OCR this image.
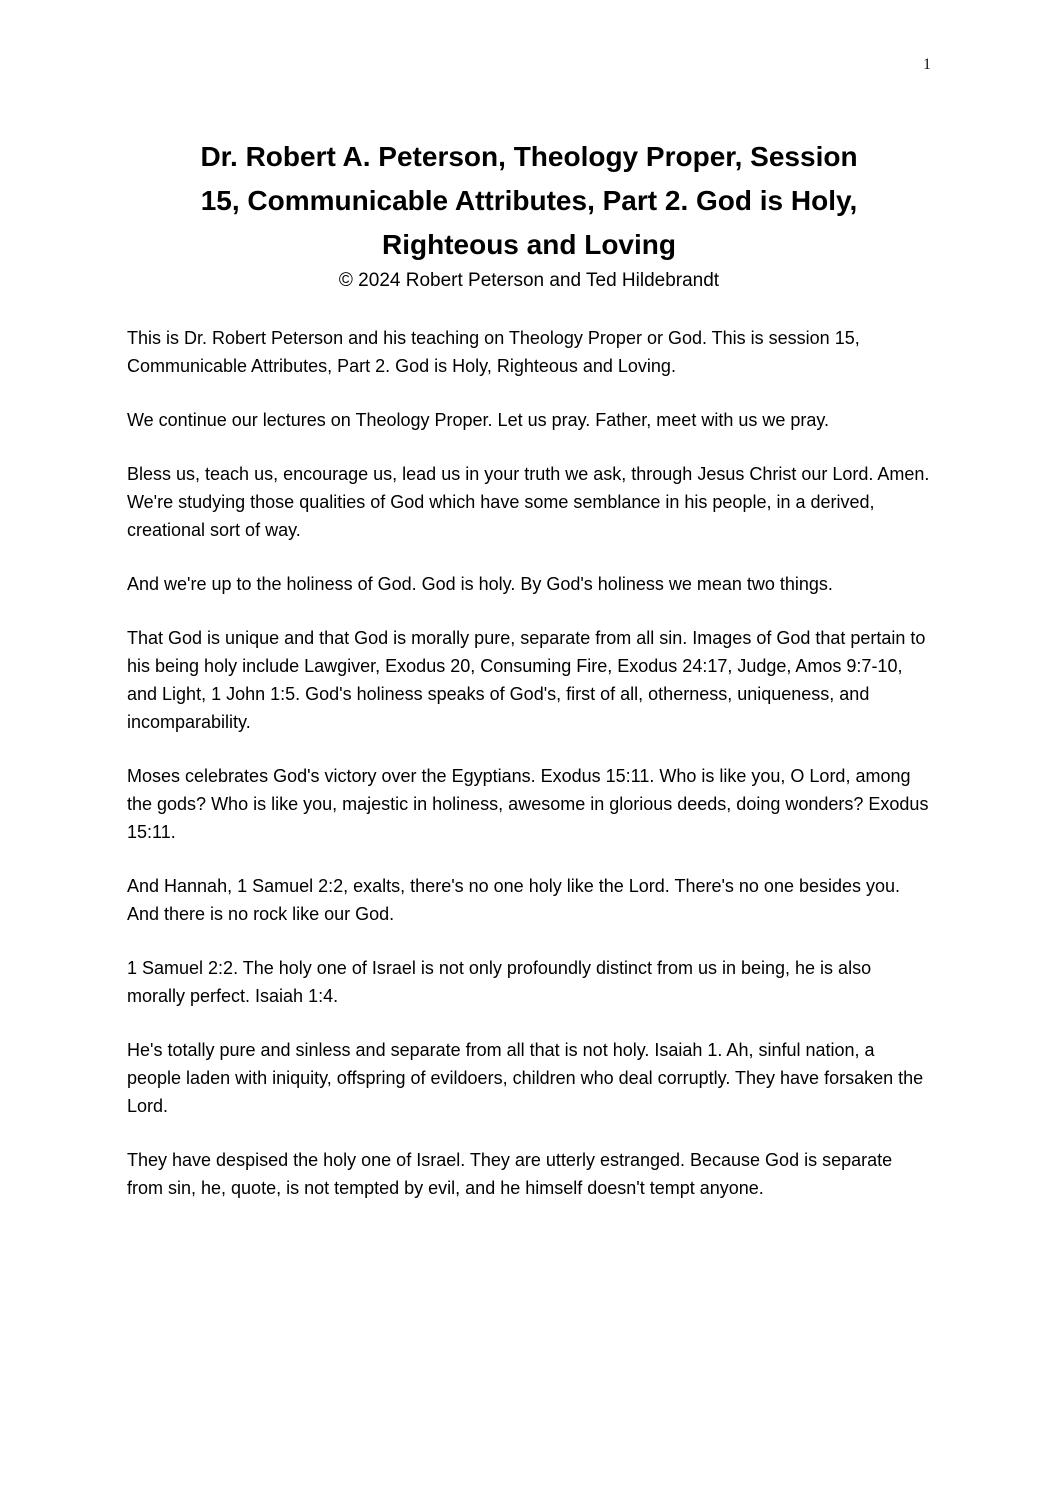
1
Dr. Robert A. Peterson, Theology Proper, Session
15, Communicable Attributes, Part 2. God is Holy,
Righteous and Loving
© 2024 Robert Peterson and Ted Hildebrandt

This is Dr. Robert Peterson and his teaching on Theology Proper or God. This is session 15, Communicable Attributes, Part 2. God is Holy, Righteous and Loving.

We continue our lectures on Theology Proper. Let us pray. Father, meet with us we pray.

Bless us, teach us, encourage us, lead us in your truth we ask, through Jesus Christ our Lord. Amen. We're studying those qualities of God which have some semblance in his people, in a derived, creational sort of way.

And we're up to the holiness of God. God is holy. By God's holiness we mean two things.

That God is unique and that God is morally pure, separate from all sin. Images of God that pertain to his being holy include Lawgiver, Exodus 20, Consuming Fire, Exodus 24:17, Judge, Amos 9:7-10, and Light, 1 John 1:5. God's holiness speaks of God's, first of all, otherness, uniqueness, and incomparability.

Moses celebrates God's victory over the Egyptians. Exodus 15:11. Who is like you, O Lord, among the gods? Who is like you, majestic in holiness, awesome in glorious deeds, doing wonders? Exodus 15:11.

And Hannah, 1 Samuel 2:2, exalts, there's no one holy like the Lord. There's no one besides you. And there is no rock like our God.

1 Samuel 2:2. The holy one of Israel is not only profoundly distinct from us in being, he is also morally perfect. Isaiah 1:4.

He's totally pure and sinless and separate from all that is not holy. Isaiah 1. Ah, sinful nation, a people laden with iniquity, offspring of evildoers, children who deal corruptly. They have forsaken the Lord.

They have despised the holy one of Israel. They are utterly estranged. Because God is separate from sin, he, quote, is not tempted by evil, and he himself doesn't tempt anyone.
